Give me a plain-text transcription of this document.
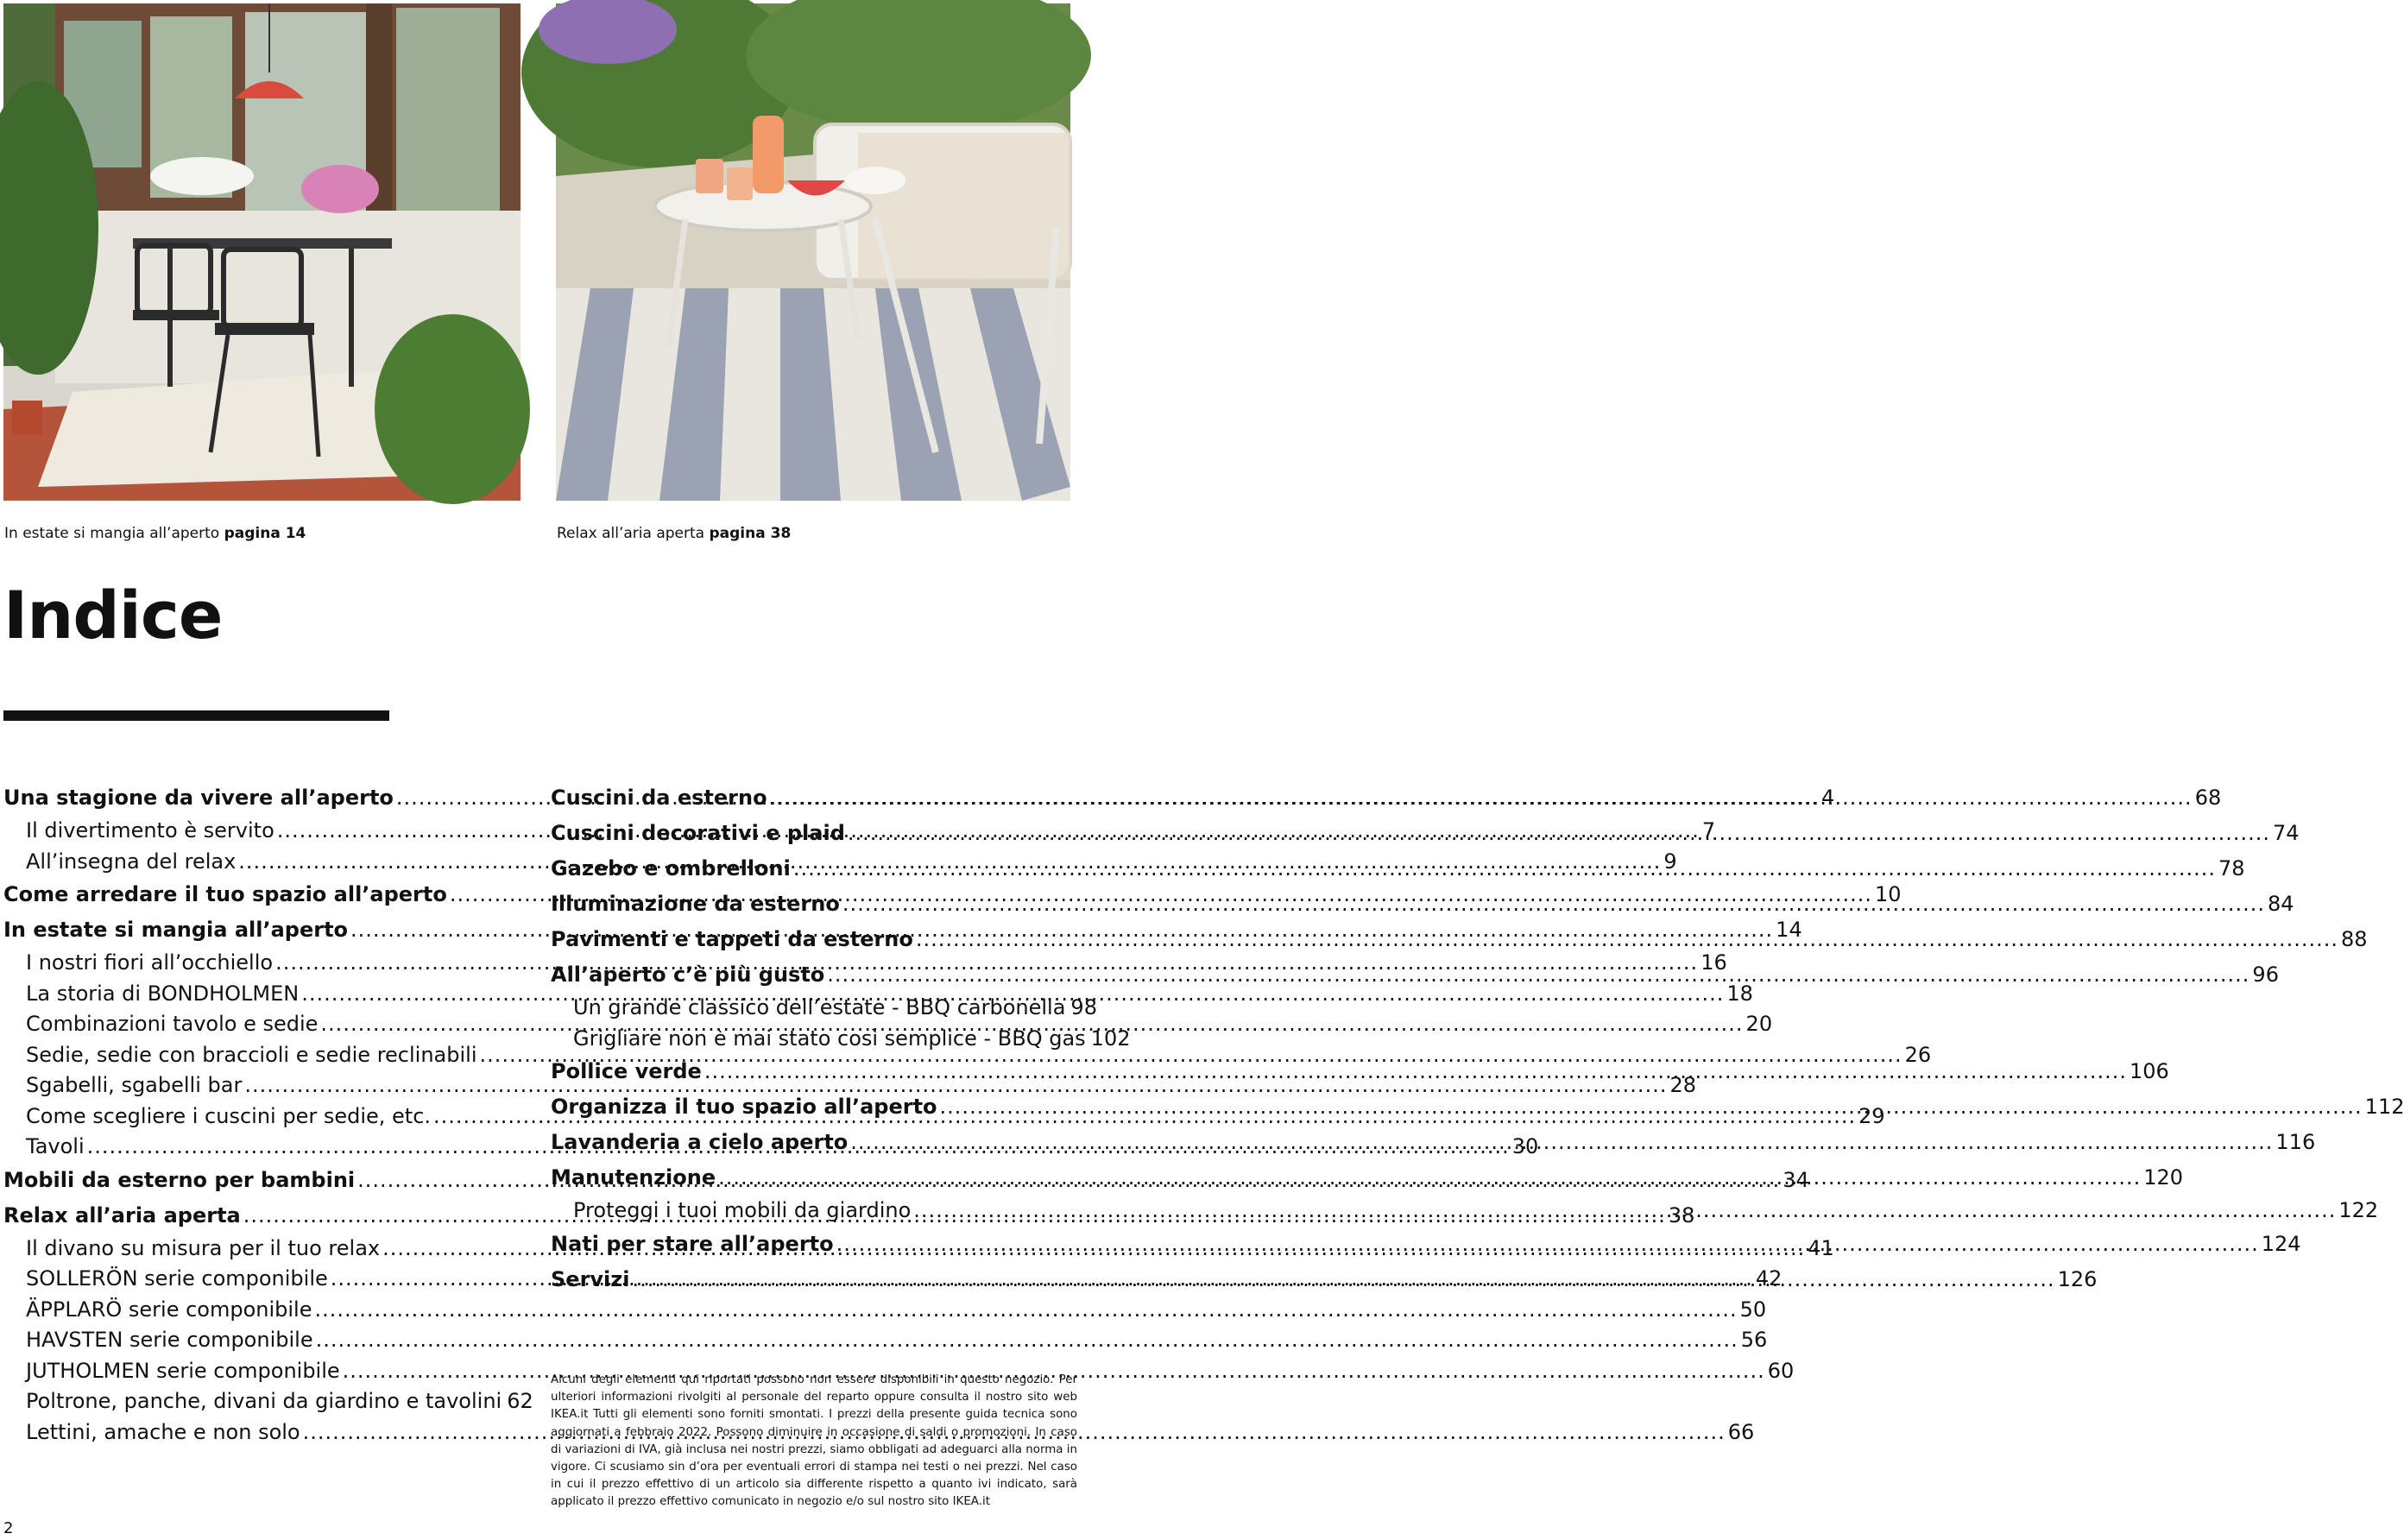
In estate si mangia all’aperto pagina 14	Relax all’aria aperta pagina 38
Indice
Una stagione da vivere all’aperto .....	4
Il divertimento è servito .....	7
All’insegna del relax .....	9
Come arredare il tuo spazio all’aperto .....	10
In estate si mangia all’aperto .....	14
I nostri fiori all’occhiello .....	16
La storia di BONDHOLMEN .....	18
Combinazioni tavolo e sedie .....	20
Sedie, sedie con braccioli e sedie reclinabili .....	26
Sgabelli, sgabelli bar .....	28
Come scegliere i cuscini per sedie, etc. .....	29
Tavoli .....	30
Mobili da esterno per bambini .....	34
Relax all’aria aperta .....	38
Il divano su misura per il tuo relax .....	41
SOLLERÖN serie componibile .....	42
ÄPPLARÖ serie componibile .....	50
HAVSTEN serie componibile .....	56
JUTHOLMEN serie componibile .....	60
Poltrone, panche, divani da giardino e tavolini 62
Lettini, amache e non solo .....	66
Cuscini da esterno .....	68
Cuscini decorativi e plaid .....	74
Gazebo e ombrelloni .....	78
Illuminazione da esterno .....	84
Pavimenti e tappeti da esterno .....	88
All’aperto c’è più gusto .....	96
Un grande classico dell’estate - BBQ carbonella 98
Grigliare non è mai stato così semplice - BBQ gas 102
Pollice verde .....	106
Organizza il tuo spazio all’aperto .....	112
Lavanderia a cielo aperto .....	116
Manutenzione .....	120
Proteggi i tuoi mobili da giardino .....	122
Nati per stare all’aperto .....	124
Servizi .....	126
Alcuni degli elementi qui riportati possono non essere disponibili in questo negozio. Per ulteriori informazioni rivolgiti al personale del reparto oppure consulta il nostro sito web IKEA.it Tutti gli elementi sono forniti smontati. I prezzi della presente guida tecnica sono aggiornati a febbraio 2022. Possono diminuire in occasione di saldi o promozioni. In caso di variazioni di IVA, già inclusa nei nostri prezzi, siamo obbligati ad adeguarci alla norma in vigore. Ci scusiamo sin d’ora per eventuali errori di stampa nei testi o nei prezzi. Nel caso in cui il prezzo effettivo di un articolo sia differente rispetto a quanto ivi indicato, sarà applicato il prezzo effettivo comunicato in negozio e/o sul nostro sito IKEA.it
2
